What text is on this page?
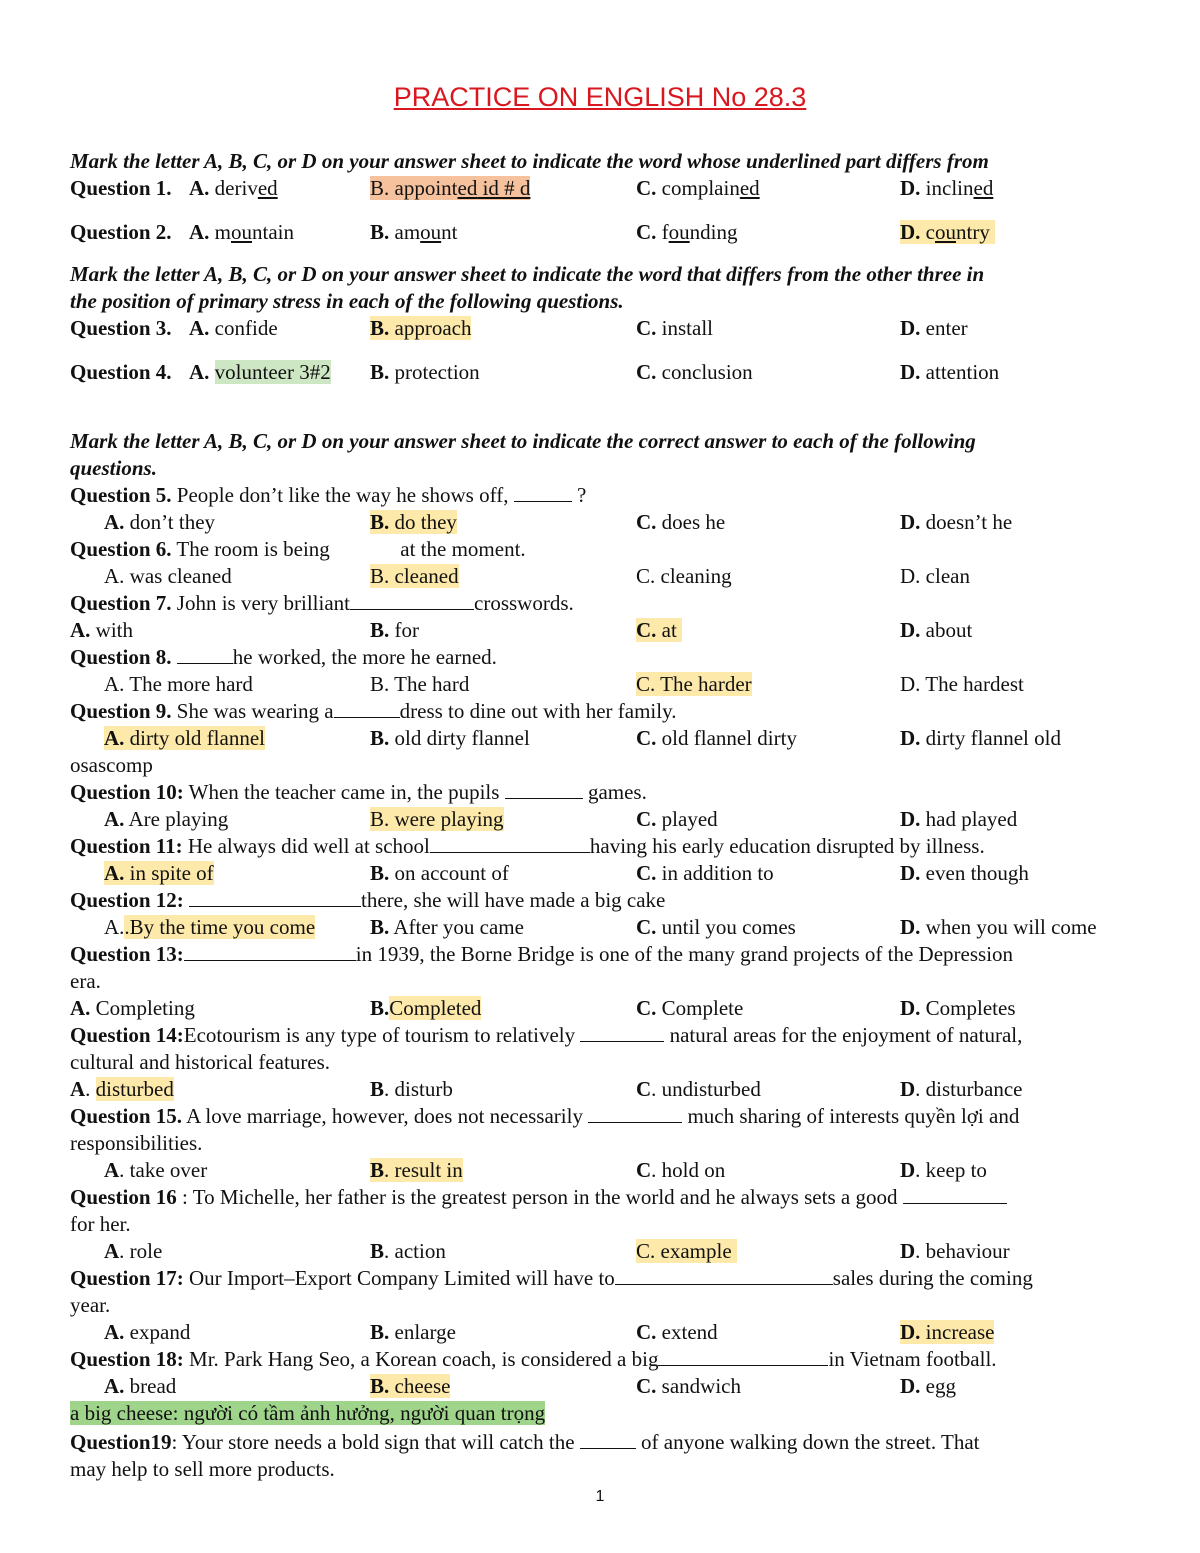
PRACTICE ON ENGLISH No 28.3
Mark the letter A, B, C, or D on your answer sheet to indicate the word whose underlined part differs from
Question 1. A. derived	B. appointed id # d	C. complained	D. inclined
Question 2. A. mountain	B. amount	C. founding	D. country
Mark the letter A, B, C, or D on your answer sheet to indicate the word that differs from the other three in
the position of primary stress in each of the following questions.
Question 3. A. confide	B. approach	C. install	D. enter
Question 4. A. volunteer 3#2 B. protection	C. conclusion	D. attention
Mark the letter A, B, C, or D on your answer sheet to indicate the correct answer to each of the following
questions.
Question 5. People don’t like the way he shows off,	?
A. don’t they	B. do they	C. does he	D. doesn’t he
Question 6. The room is being	at the moment.
A. was cleaned	B. cleaned	C. cleaning	D. clean
Question 7. John is very brilliant	crosswords.
A. with	B. for	C. at	D. about
Question 8.	he worked, the more he earned.
A. The more hard	B. The hard	C. The harder	D. The hardest
Question 9. She was wearing a	dress to dine out with her family.
A. dirty old flannel	B. old dirty flannel	C. old flannel dirty	D. dirty flannel old
osascomp
Question 10: When the teacher came in, the pupils	games.
A. Are playing	B. were playing	C. played	D. had played
Question 11: He always did well at school	having his early education disrupted by illness.
A. in spite of	B. on account of	C. in addition to	D. even though
Question 12:	there, she will have made a big cake
A..By the time you come	B. After you came	C. until you comes	D. when you will come
Question 13:	in 1939, the Borne Bridge is one of the many grand projects of the Depression
era.
A. Completing	B.Completed	C. Complete	D. Completes
Question 14:Ecotourism is any type of tourism to relatively	natural areas for the enjoyment of natural,
cultural and historical features.
A. disturbed	B. disturb	C. undisturbed	D. disturbance
Question 15. A love marriage, however, does not necessarily	much sharing of interests quyền lợi and
responsibilities.
A. take over	B. result in	C. hold on	D. keep to
Question 16 : To Michelle, her father is the greatest person in the world and he always sets a good
for her.
A. role	B. action	C. example	D. behaviour
Question 17: Our Import–Export Company Limited will have to	sales during the coming
year.
A. expand	B. enlarge	C. extend	D. increase
Question 18: Mr. Park Hang Seo, a Korean coach, is considered a big	in Vietnam football.
A. bread	B. cheese	C. sandwich	D. egg
a big cheese: người có tầm ảnh hưởng, người quan trọng
Question19: Your store needs a bold sign that will catch the	of anyone walking down the street. That
may help to sell more products.
1
